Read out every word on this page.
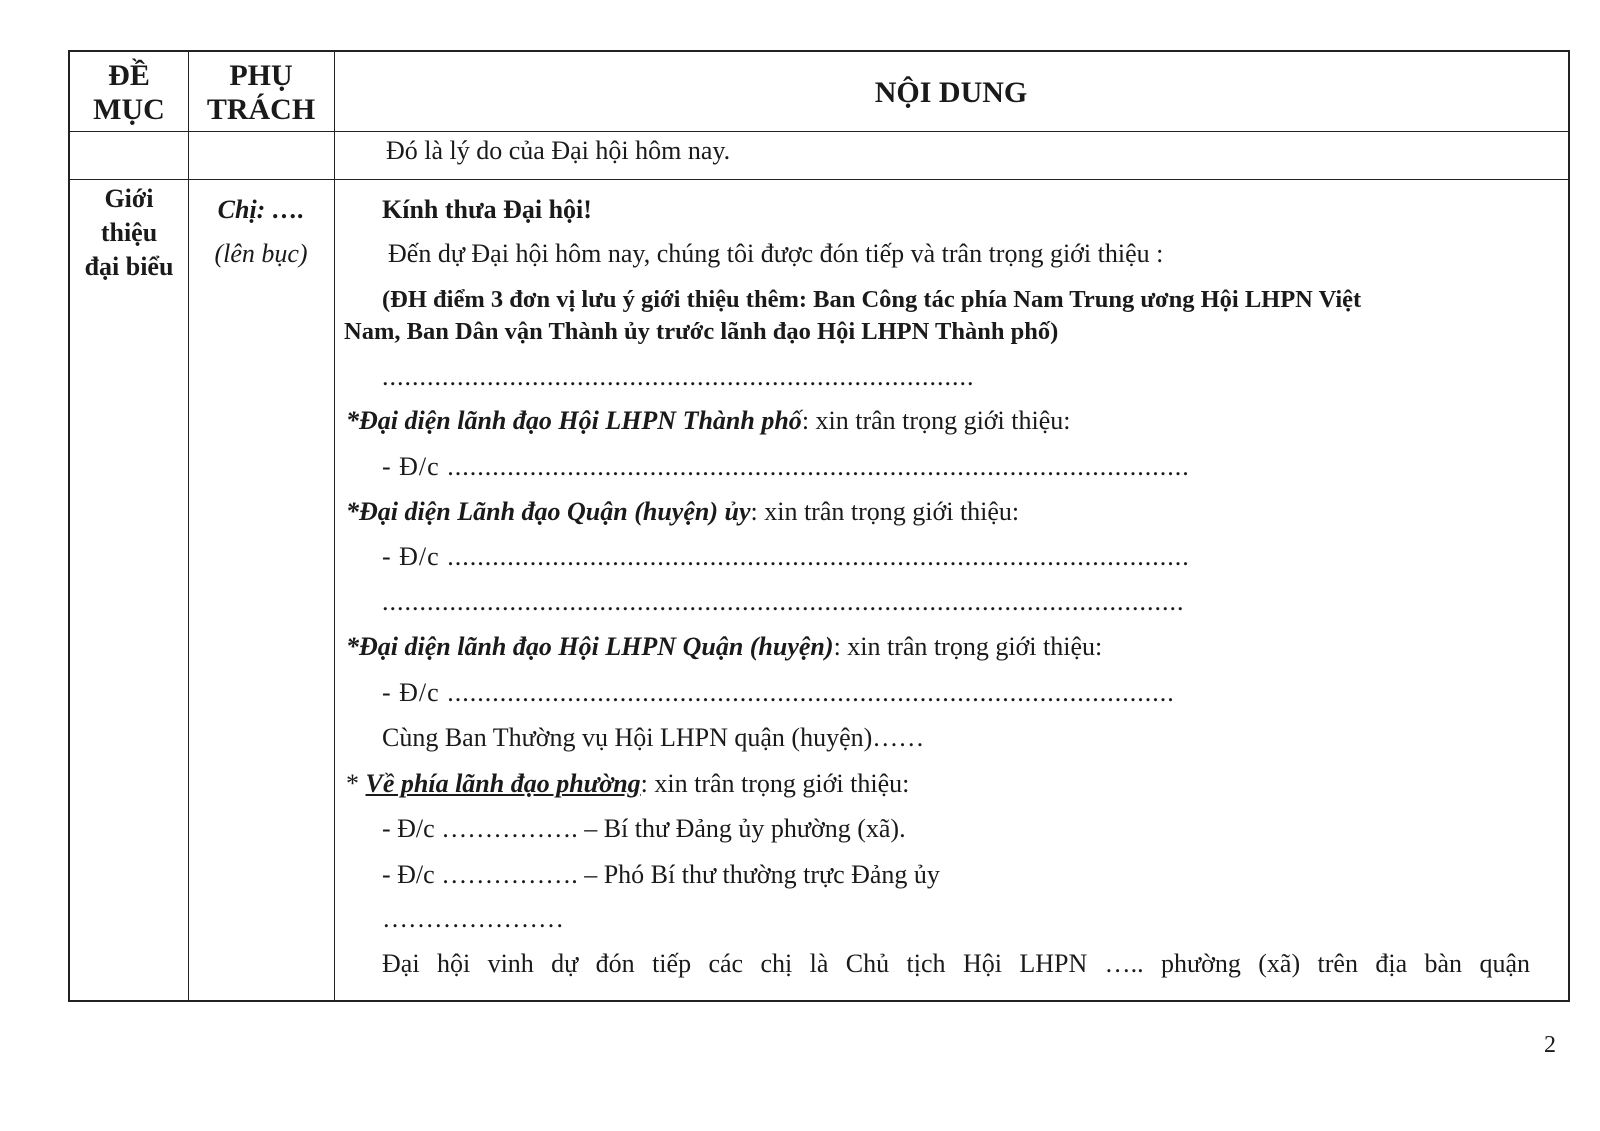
ĐỀ
MỤC
PHỤ
TRÁCH
NỘI DUNG
Đó là lý do của Đại hội hôm nay.
Giới
thiệu
đại biểu
Chị: ….
(lên bục)
Kính thưa Đại hội!
Đến dự Đại hội hôm nay, chúng tôi được đón tiếp và trân trọng giới thiệu :
(ĐH điểm 3 đơn vị lưu ý giới thiệu thêm: Ban Công tác phía Nam Trung ương Hội LHPN Việt
Nam, Ban Dân vận Thành ủy trước lãnh đạo Hội LHPN Thành phố)
...............................................................................
*Đại diện lãnh đạo Hội LHPN Thành phố: xin trân trọng giới thiệu:
- Đ/c ...................................................................................................
*Đại diện Lãnh đạo Quận (huyện) ủy: xin trân trọng giới thiệu:
- Đ/c ...................................................................................................
...........................................................................................................
*Đại diện lãnh đạo Hội LHPN Quận (huyện): xin trân trọng giới thiệu:
- Đ/c .................................................................................................
Cùng Ban Thường vụ Hội LHPN quận (huyện)……
* Về phía lãnh đạo phường: xin trân trọng giới thiệu:
- Đ/c ……………. – Bí thư Đảng ủy phường (xã).
- Đ/c ……………. – Phó Bí thư thường trực Đảng ủy
…………………
Đại hội vinh dự đón tiếp các chị là Chủ tịch Hội LHPN ….. phường (xã) trên địa bàn quận
2
